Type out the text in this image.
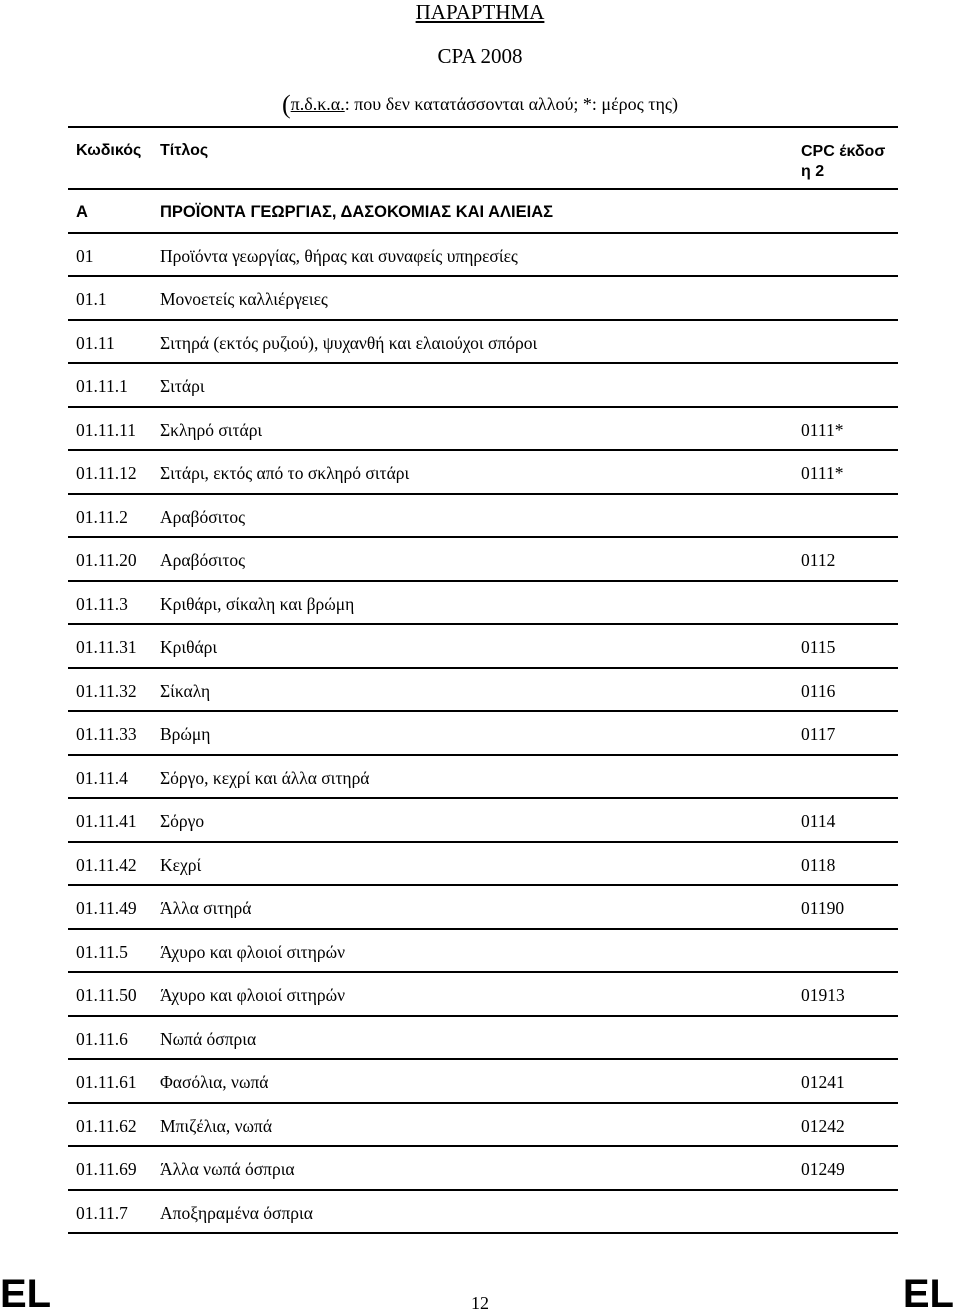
ΠΑΡΑΡΤΗΜΑ
CPA 2008
(π.δ.κ.α.: που δεν κατατάσσονται αλλού; *: μέρος της)
Κωδικός Τίτλος	CPC έκδοσ
η 2
A	ΠΡΟΪΟΝΤΑ ΓΕΩΡΓΙΑΣ, ΔΑΣΟΚΟΜΙΑΣ ΚΑΙ ΑΛΙΕΙΑΣ
01	Προϊόντα γεωργίας, θήρας και συναφείς υπηρεσίες
01.1	Μονοετείς καλλιέργειες
01.11	Σιτηρά (εκτός ρυζιού), ψυχανθή και ελαιούχοι σπόροι
01.11.1 Σιτάρι
01.11.11 Σκληρό σιτάρι	0111*
01.11.12 Σιτάρι, εκτός από το σκληρό σιτάρι	0111*
01.11.2 Αραβόσιτος
01.11.20 Αραβόσιτος	0112
01.11.3 Κριθάρι, σίκαλη και βρώμη
01.11.31 Κριθάρι	0115
01.11.32 Σίκαλη	0116
01.11.33 Βρώμη	0117
01.11.4 Σόργο, κεχρί και άλλα σιτηρά
01.11.41 Σόργο	0114
01.11.42 Κεχρί	0118
01.11.49 Άλλα σιτηρά	01190
01.11.5 Άχυρο και φλοιοί σιτηρών
01.11.50 Άχυρο και φλοιοί σιτηρών	01913
01.11.6 Νωπά όσπρια
01.11.61 Φασόλια, νωπά	01241
01.11.62 Μπιζέλια, νωπά	01242
01.11.69 Άλλα νωπά όσπρια	01249
01.11.7 Αποξηραμένα όσπρια
EL	12	EL
